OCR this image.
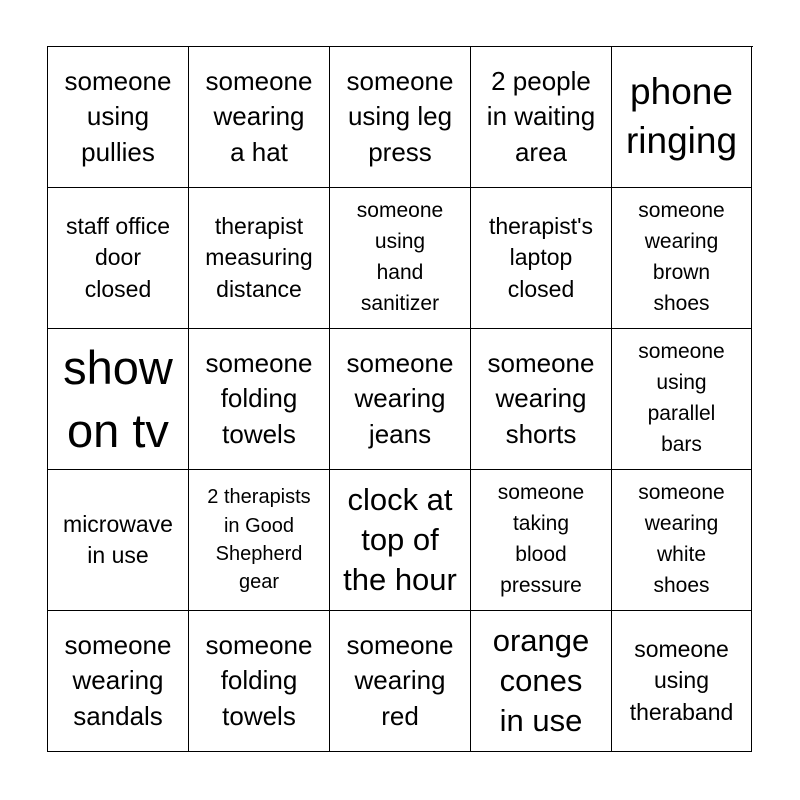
someone
using
pullies
someone
wearing
a hat
someone
using leg
press
2 people
in waiting
area
phone
ringing
staff office
door
closed
therapist
measuring
distance
someone
using
hand
sanitizer
therapist's
laptop
closed
someone
wearing
brown
shoes
show
on tv
someone
folding
towels
someone
wearing
jeans
someone
wearing
shorts
someone
using
parallel
bars
microwave
in use
2 therapists
in Good
Shepherd
gear
clock at
top of
the hour
someone
taking
blood
pressure
someone
wearing
white
shoes
someone
wearing
sandals
someone
folding
towels
someone
wearing
red
orange
cones
in use
someone
using
theraband
